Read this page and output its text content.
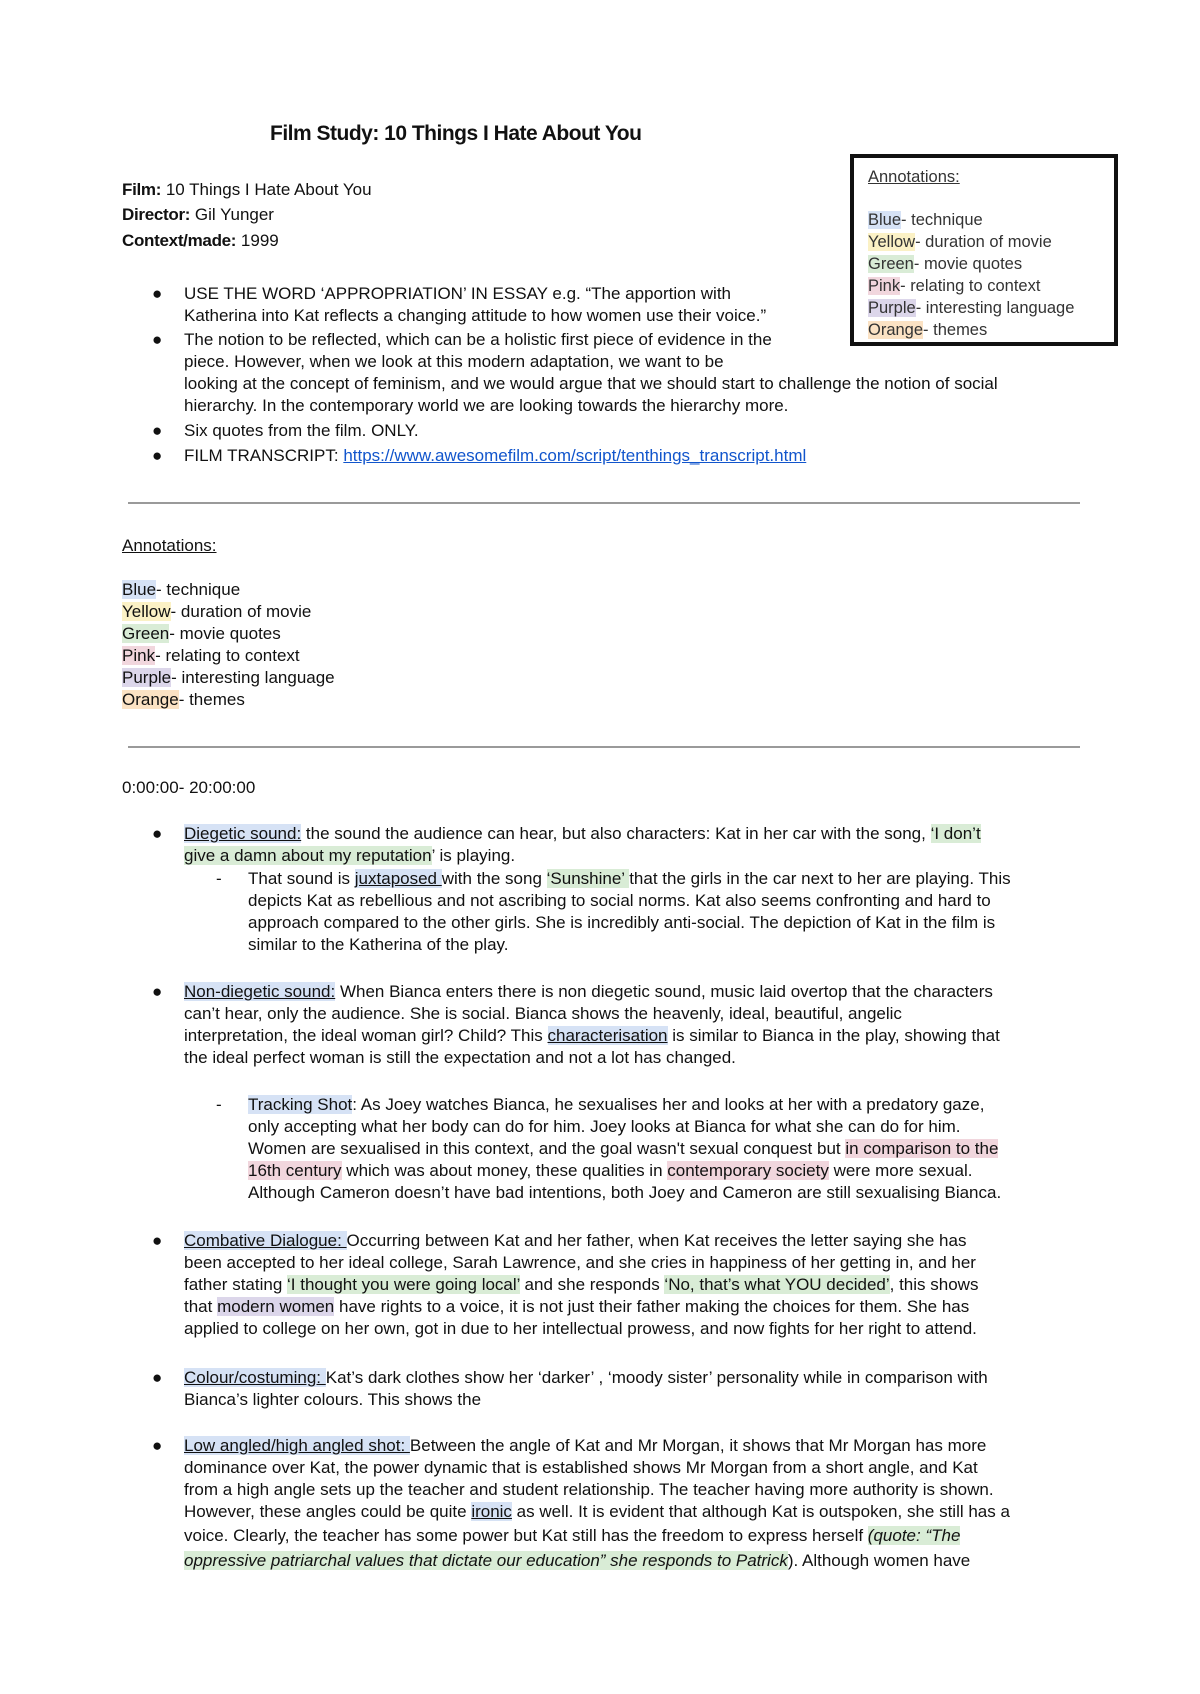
Film Study: 10 Things I Hate About You
Film: 10 Things I Hate About You
Director: Gil Yunger
Context/made: 1999
Annotations:
Blue- technique
Yellow- duration of movie
Green- movie quotes
Pink- relating to context
Purple- interesting language
Orange- themes
● USE THE WORD ‘APPROPRIATION’ IN ESSAY e.g. “The apportion with
Katherina into Kat reflects a changing attitude to how women use their voice.”
● The notion to be reflected, which can be a holistic first piece of evidence in the
piece. However, when we look at this modern adaptation, we want to be
looking at the concept of feminism, and we would argue that we should start to challenge the notion of social
hierarchy. In the contemporary world we are looking towards the hierarchy more.
● Six quotes from the film. ONLY.
● FILM TRANSCRIPT: https://www.awesomefilm.com/script/tenthings_transcript.html
Annotations:
Blue- technique
Yellow- duration of movie
Green- movie quotes
Pink- relating to context
Purple- interesting language
Orange- themes
0:00:00- 20:00:00
● Diegetic sound: the sound the audience can hear, but also characters: Kat in her car with the song, ‘I don’t
give a damn about my reputation’ is playing.
- That sound is juxtaposed with the song ‘Sunshine’ that the girls in the car next to her are playing. This
depicts Kat as rebellious and not ascribing to social norms. Kat also seems confronting and hard to
approach compared to the other girls. She is incredibly anti-social. The depiction of Kat in the film is
similar to the Katherina of the play.
● Non-diegetic sound: When Bianca enters there is non diegetic sound, music laid overtop that the characters
can’t hear, only the audience. She is social. Bianca shows the heavenly, ideal, beautiful, angelic
interpretation, the ideal woman girl? Child? This characterisation is similar to Bianca in the play, showing that
the ideal perfect woman is still the expectation and not a lot has changed.
- Tracking Shot: As Joey watches Bianca, he sexualises her and looks at her with a predatory gaze,
only accepting what her body can do for him. Joey looks at Bianca for what she can do for him.
Women are sexualised in this context, and the goal wasn't sexual conquest but in comparison to the
16th century which was about money, these qualities in contemporary society were more sexual.
Although Cameron doesn’t have bad intentions, both Joey and Cameron are still sexualising Bianca.
● Combative Dialogue: Occurring between Kat and her father, when Kat receives the letter saying she has
been accepted to her ideal college, Sarah Lawrence, and she cries in happiness of her getting in, and her
father stating ‘I thought you were going local’ and she responds ‘No, that’s what YOU decided’, this shows
that modern women have rights to a voice, it is not just their father making the choices for them. She has
applied to college on her own, got in due to her intellectual prowess, and now fights for her right to attend.
● Colour/costuming: Kat’s dark clothes show her ‘darker’ , ‘moody sister’ personality while in comparison with
Bianca’s lighter colours. This shows the
● Low angled/high angled shot: Between the angle of Kat and Mr Morgan, it shows that Mr Morgan has more
dominance over Kat, the power dynamic that is established shows Mr Morgan from a short angle, and Kat
from a high angle sets up the teacher and student relationship. The teacher having more authority is shown.
However, these angles could be quite ironic as well. It is evident that although Kat is outspoken, she still has a
voice. Clearly, the teacher has some power but Kat still has the freedom to express herself (quote: “The
oppressive patriarchal values that dictate our education” she responds to Patrick). Although women have
